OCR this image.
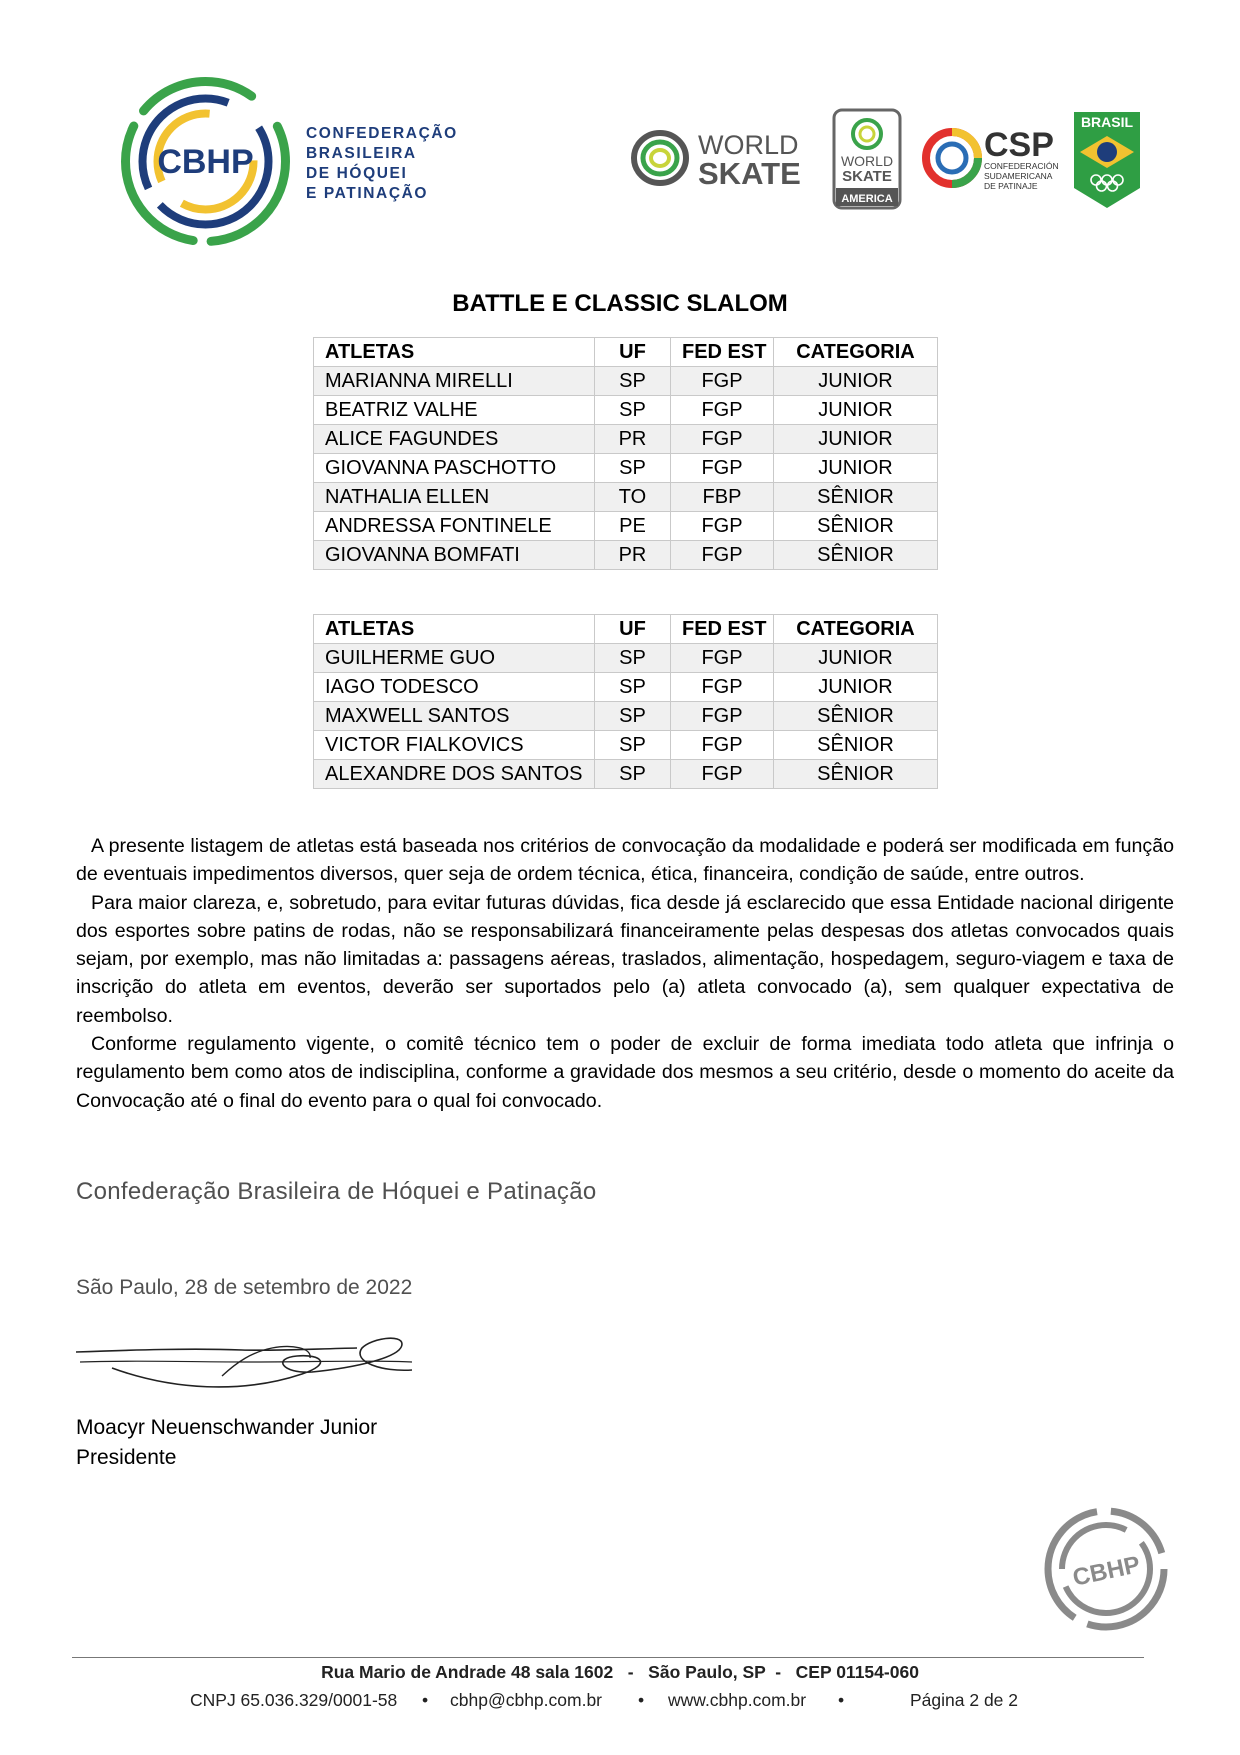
CBHP
CONFEDERAÇÃO
BRASILEIRA
DE HÓQUEI
E PATINAÇÃO
WORLD
SKATE	WORLD
SKATE
AMERICA
CSP
CONFEDERACIÓN
SUDAMERICANA
DE PATINAJE
BRASIL
BATTLE E CLASSIC SLALOM
ATLETAS	UF	FED EST	CATEGORIA
MARIANNA MIRELLI	SP	FGP	JUNIOR
BEATRIZ VALHE	SP	FGP	JUNIOR
ALICE FAGUNDES	PR	FGP	JUNIOR
GIOVANNA PASCHOTTO	SP	FGP	JUNIOR
NATHALIA ELLEN	TO	FBP	SÊNIOR
ANDRESSA FONTINELE	PE	FGP	SÊNIOR
GIOVANNA BOMFATI	PR	FGP	SÊNIOR
ATLETAS	UF	FED EST	CATEGORIA
GUILHERME GUO	SP	FGP	JUNIOR
IAGO TODESCO	SP	FGP	JUNIOR
MAXWELL SANTOS	SP	FGP	SÊNIOR
VICTOR FIALKOVICS	SP	FGP	SÊNIOR
ALEXANDRE DOS SANTOS	SP	FGP	SÊNIOR

A presente listagem de atletas está baseada nos critérios de convocação da modalidade e poderá ser modificada em função de eventuais impedimentos diversos, quer seja de ordem técnica, ética, financeira, condição de saúde, entre outros.

Para maior clareza, e, sobretudo, para evitar futuras dúvidas, fica desde já esclarecido que essa Entidade nacional dirigente dos esportes sobre patins de rodas, não se responsabilizará financeiramente pelas despesas dos atletas convocados quais sejam, por exemplo, mas não limitadas a: passagens aéreas, traslados, alimentação, hospedagem, seguro-viagem e taxa de inscrição do atleta em eventos, deverão ser suportados pelo (a) atleta convocado (a), sem qualquer expectativa de reembolso.

Conforme regulamento vigente, o comitê técnico tem o poder de excluir de forma imediata todo atleta que infrinja o regulamento bem como atos de indisciplina, conforme a gravidade dos mesmos a seu critério, desde o momento do aceite da Convocação até o final do evento para o qual foi convocado.

Confederação Brasileira de Hóquei e Patinação
São Paulo, 28 de setembro de 2022
Moacyr Neuenschwander Junior
Presidente
CBHP
Rua Mario de Andrade 48 sala 1602   -   São Paulo, SP  -   CEP 01154-060
CNPJ 65.036.329/0001-58 • cbhp@cbhp.com.br • www.cbhp.com.br •	Página 2 de 2
